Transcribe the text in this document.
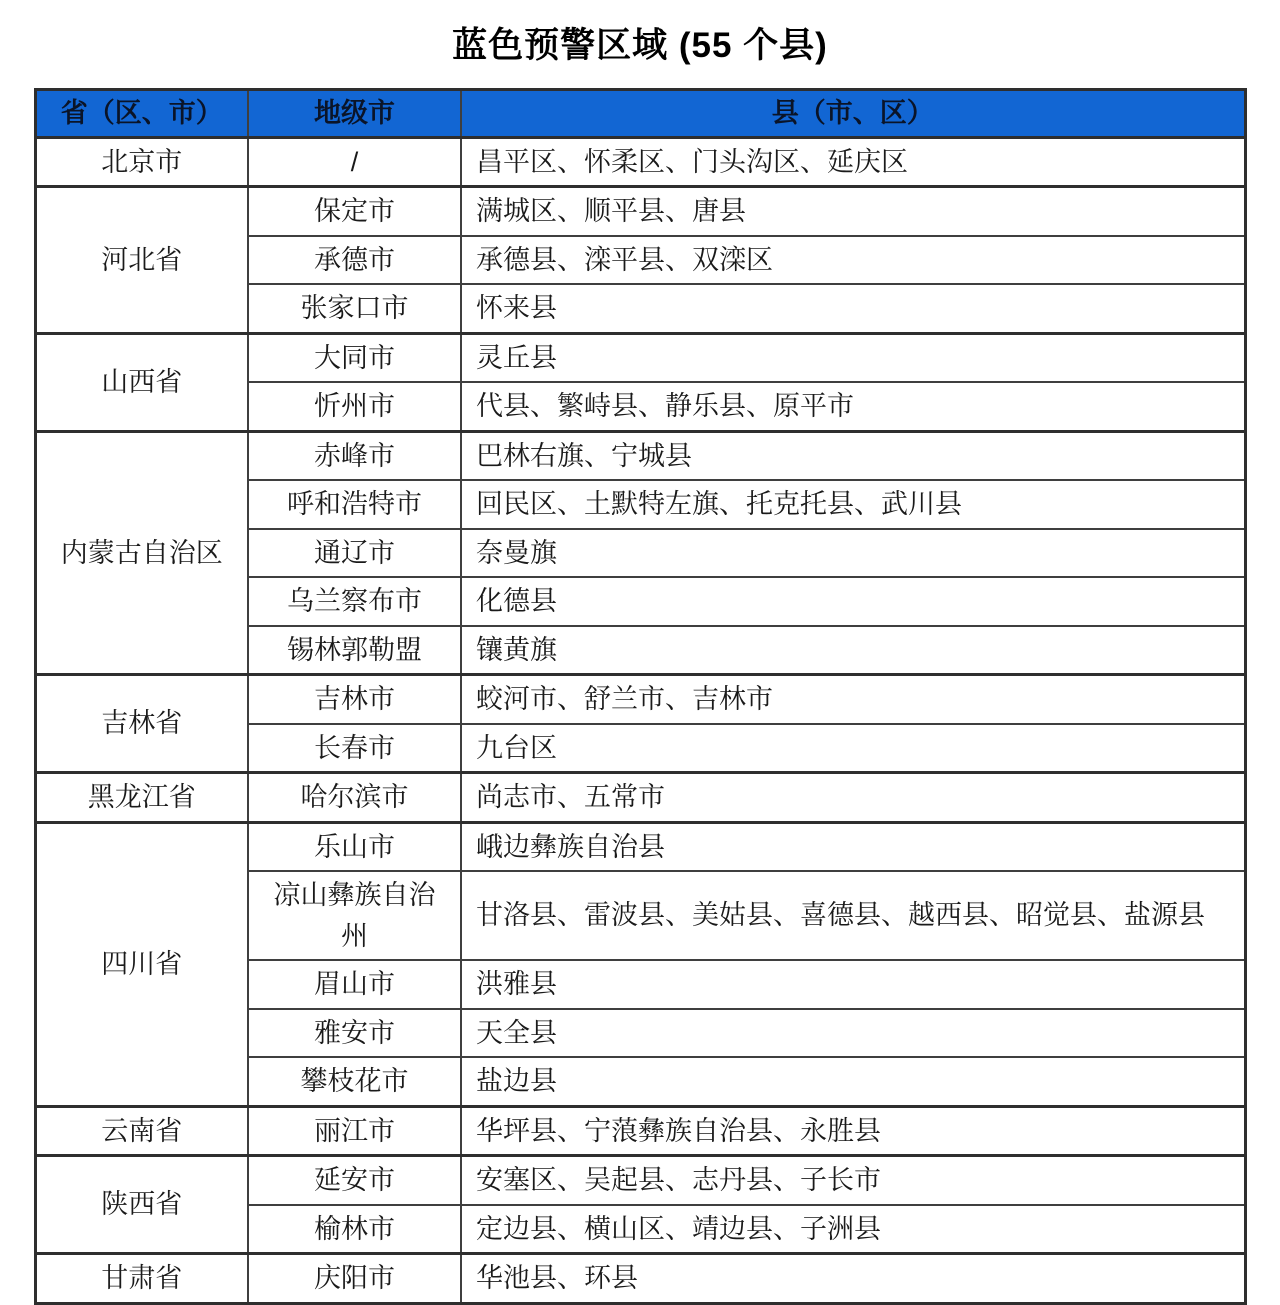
蓝色预警区域 (55 个县)
省（区、市）	地级市	县（市、区）
北京市	/	昌平区、怀柔区、门头沟区、延庆区
河北省	保定市	满城区、顺平县、唐县
	承德市	承德县、滦平县、双滦区
	张家口市	怀来县
山西省	大同市	灵丘县
	忻州市	代县、繁峙县、静乐县、原平市
内蒙古自治区	赤峰市	巴林右旗、宁城县
	呼和浩特市	回民区、土默特左旗、托克托县、武川县
	通辽市	奈曼旗
	乌兰察布市	化德县
	锡林郭勒盟	镶黄旗
吉林省	吉林市	蛟河市、舒兰市、吉林市
	长春市	九台区
黑龙江省	哈尔滨市	尚志市、五常市
四川省	乐山市	峨边彝族自治县
	凉山彝族自治州	甘洛县、雷波县、美姑县、喜德县、越西县、昭觉县、盐源县
	眉山市	洪雅县
	雅安市	天全县
	攀枝花市	盐边县
云南省	丽江市	华坪县、宁蒗彝族自治县、永胜县
陕西省	延安市	安塞区、吴起县、志丹县、子长市
	榆林市	定边县、横山区、靖边县、子洲县
甘肃省	庆阳市	华池县、环县
